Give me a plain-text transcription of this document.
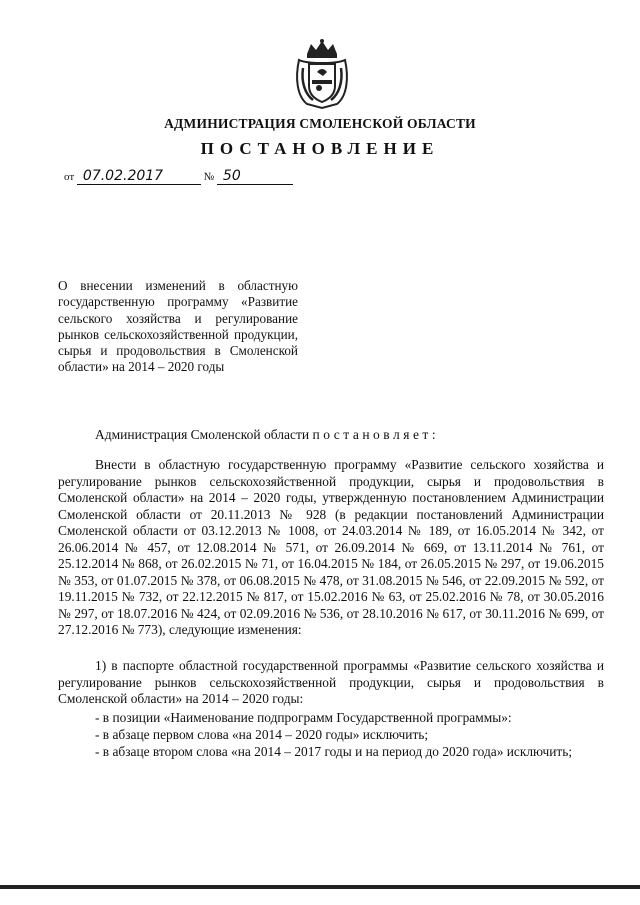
АДМИНИСТРАЦИЯ СМОЛЕНСКОЙ ОБЛАСТИ
ПОСТАНОВЛЕНИЕ
от 07.02.2017	№ 50
О внесении изменений в областную государственную программу «Развитие сельского хозяйства и регулирование рынков сельскохозяйственной продукции, сырья и продовольствия в Смоленской области» на 2014 – 2020 годы
Администрация Смоленской области постановляет:
Внести в областную государственную программу «Развитие сельского хозяйства и регулирование рынков сельскохозяйственной продукции, сырья и продовольствия в Смоленской области» на 2014 – 2020 годы, утвержденную постановлением Администрации Смоленской области от 20.11.2013 № 928 (в редакции постановлений Администрации Смоленской области от 03.12.2013 № 1008, от 24.03.2014 № 189, от 16.05.2014 № 342, от 26.06.2014 № 457, от 12.08.2014 № 571, от 26.09.2014 № 669, от 13.11.2014 № 761, от 25.12.2014 № 868, от 26.02.2015 № 71, от 16.04.2015 № 184, от 26.05.2015 № 297, от 19.06.2015 № 353, от 01.07.2015 № 378, от 06.08.2015 № 478, от 31.08.2015 № 546, от 22.09.2015 № 592, от 19.11.2015 № 732, от 22.12.2015 № 817, от 15.02.2016 № 63, от 25.02.2016 № 78, от 30.05.2016 № 297, от 18.07.2016 № 424, от 02.09.2016 № 536, от 28.10.2016 № 617, от 30.11.2016 № 699, от 27.12.2016 № 773), следующие изменения:
1) в паспорте областной государственной программы «Развитие сельского хозяйства и регулирование рынков сельскохозяйственной продукции, сырья и продовольствия в Смоленской области» на 2014 – 2020 годы:
- в позиции «Наименование подпрограмм Государственной программы»:
- в абзаце первом слова «на 2014 – 2020 годы» исключить;
- в абзаце втором слова «на 2014 – 2017 годы и на период до 2020 года» исключить;
